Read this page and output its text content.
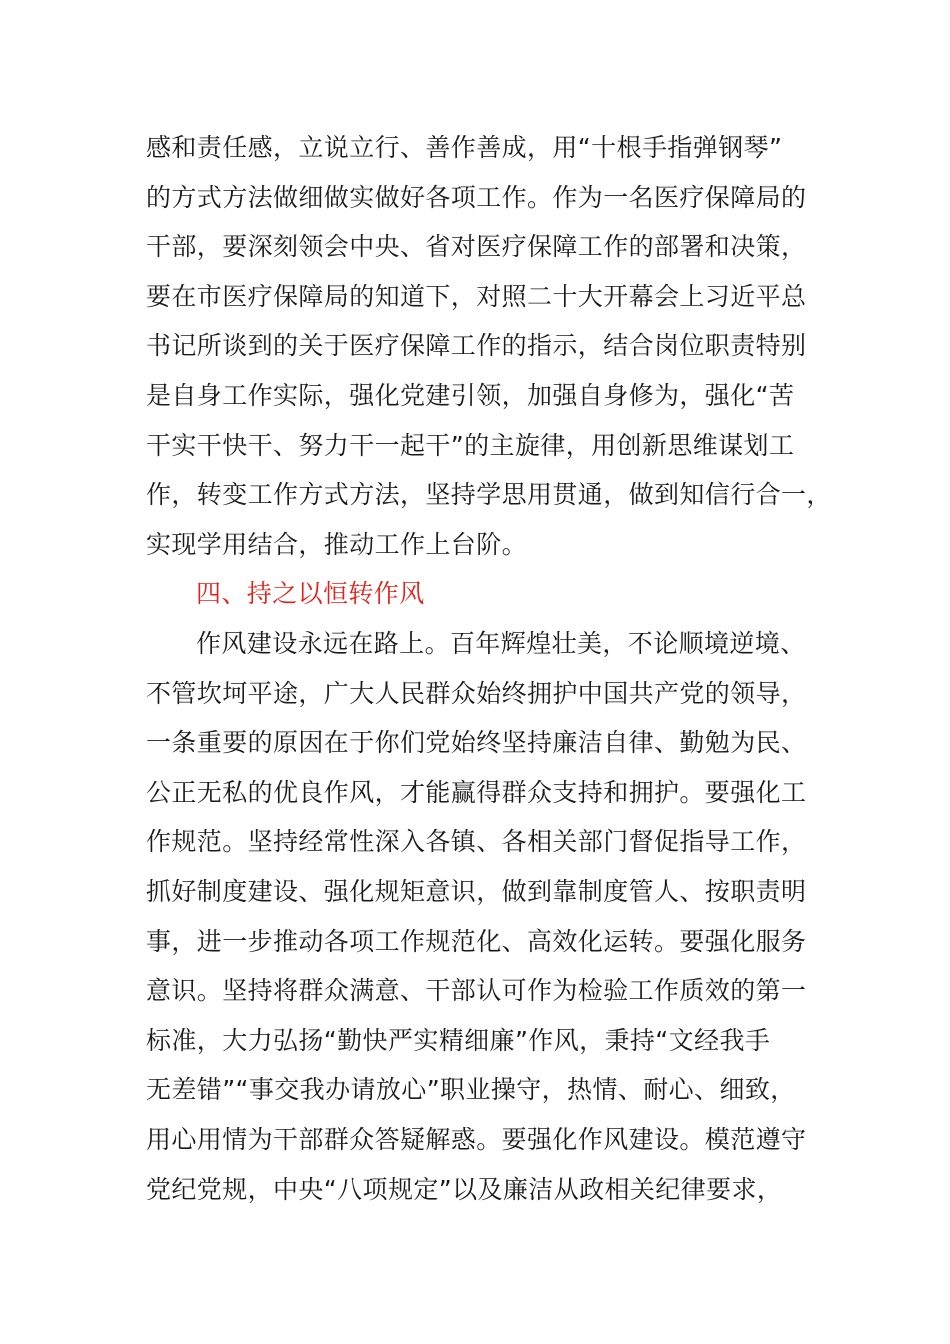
感和责任感，立说立行、善作善成，用“十根手指弹钢琴”
的方式方法做细做实做好各项工作。作为一名医疗保障局的
干部，要深刻领会中央、省对医疗保障工作的部署和决策，
要在市医疗保障局的知道下，对照二十大开幕会上习近平总
书记所谈到的关于医疗保障工作的指示，结合岗位职责特别
是自身工作实际，强化党建引领，加强自身修为，强化“苦
干实干快干、努力干一起干”的主旋律，用创新思维谋划工
作，转变工作方式方法，坚持学思用贯通，做到知信行合一，
实现学用结合，推动工作上台阶。
四、持之以恒转作风
作风建设永远在路上。百年辉煌壮美，不论顺境逆境、
不管坎坷平途，广大人民群众始终拥护中国共产党的领导，
一条重要的原因在于你们党始终坚持廉洁自律、勤勉为民、
公正无私的优良作风，才能赢得群众支持和拥护。要强化工
作规范。坚持经常性深入各镇、各相关部门督促指导工作，
抓好制度建设、强化规矩意识，做到靠制度管人、按职责明
事，进一步推动各项工作规范化、高效化运转。要强化服务
意识。坚持将群众满意、干部认可作为检验工作质效的第一
标准，大力弘扬“勤快严实精细廉”作风，秉持“文经我手
无差错”“事交我办请放心”职业操守，热情、耐心、细致，
用心用情为干部群众答疑解惑。要强化作风建设。模范遵守
党纪党规，中央“八项规定”以及廉洁从政相关纪律要求，
